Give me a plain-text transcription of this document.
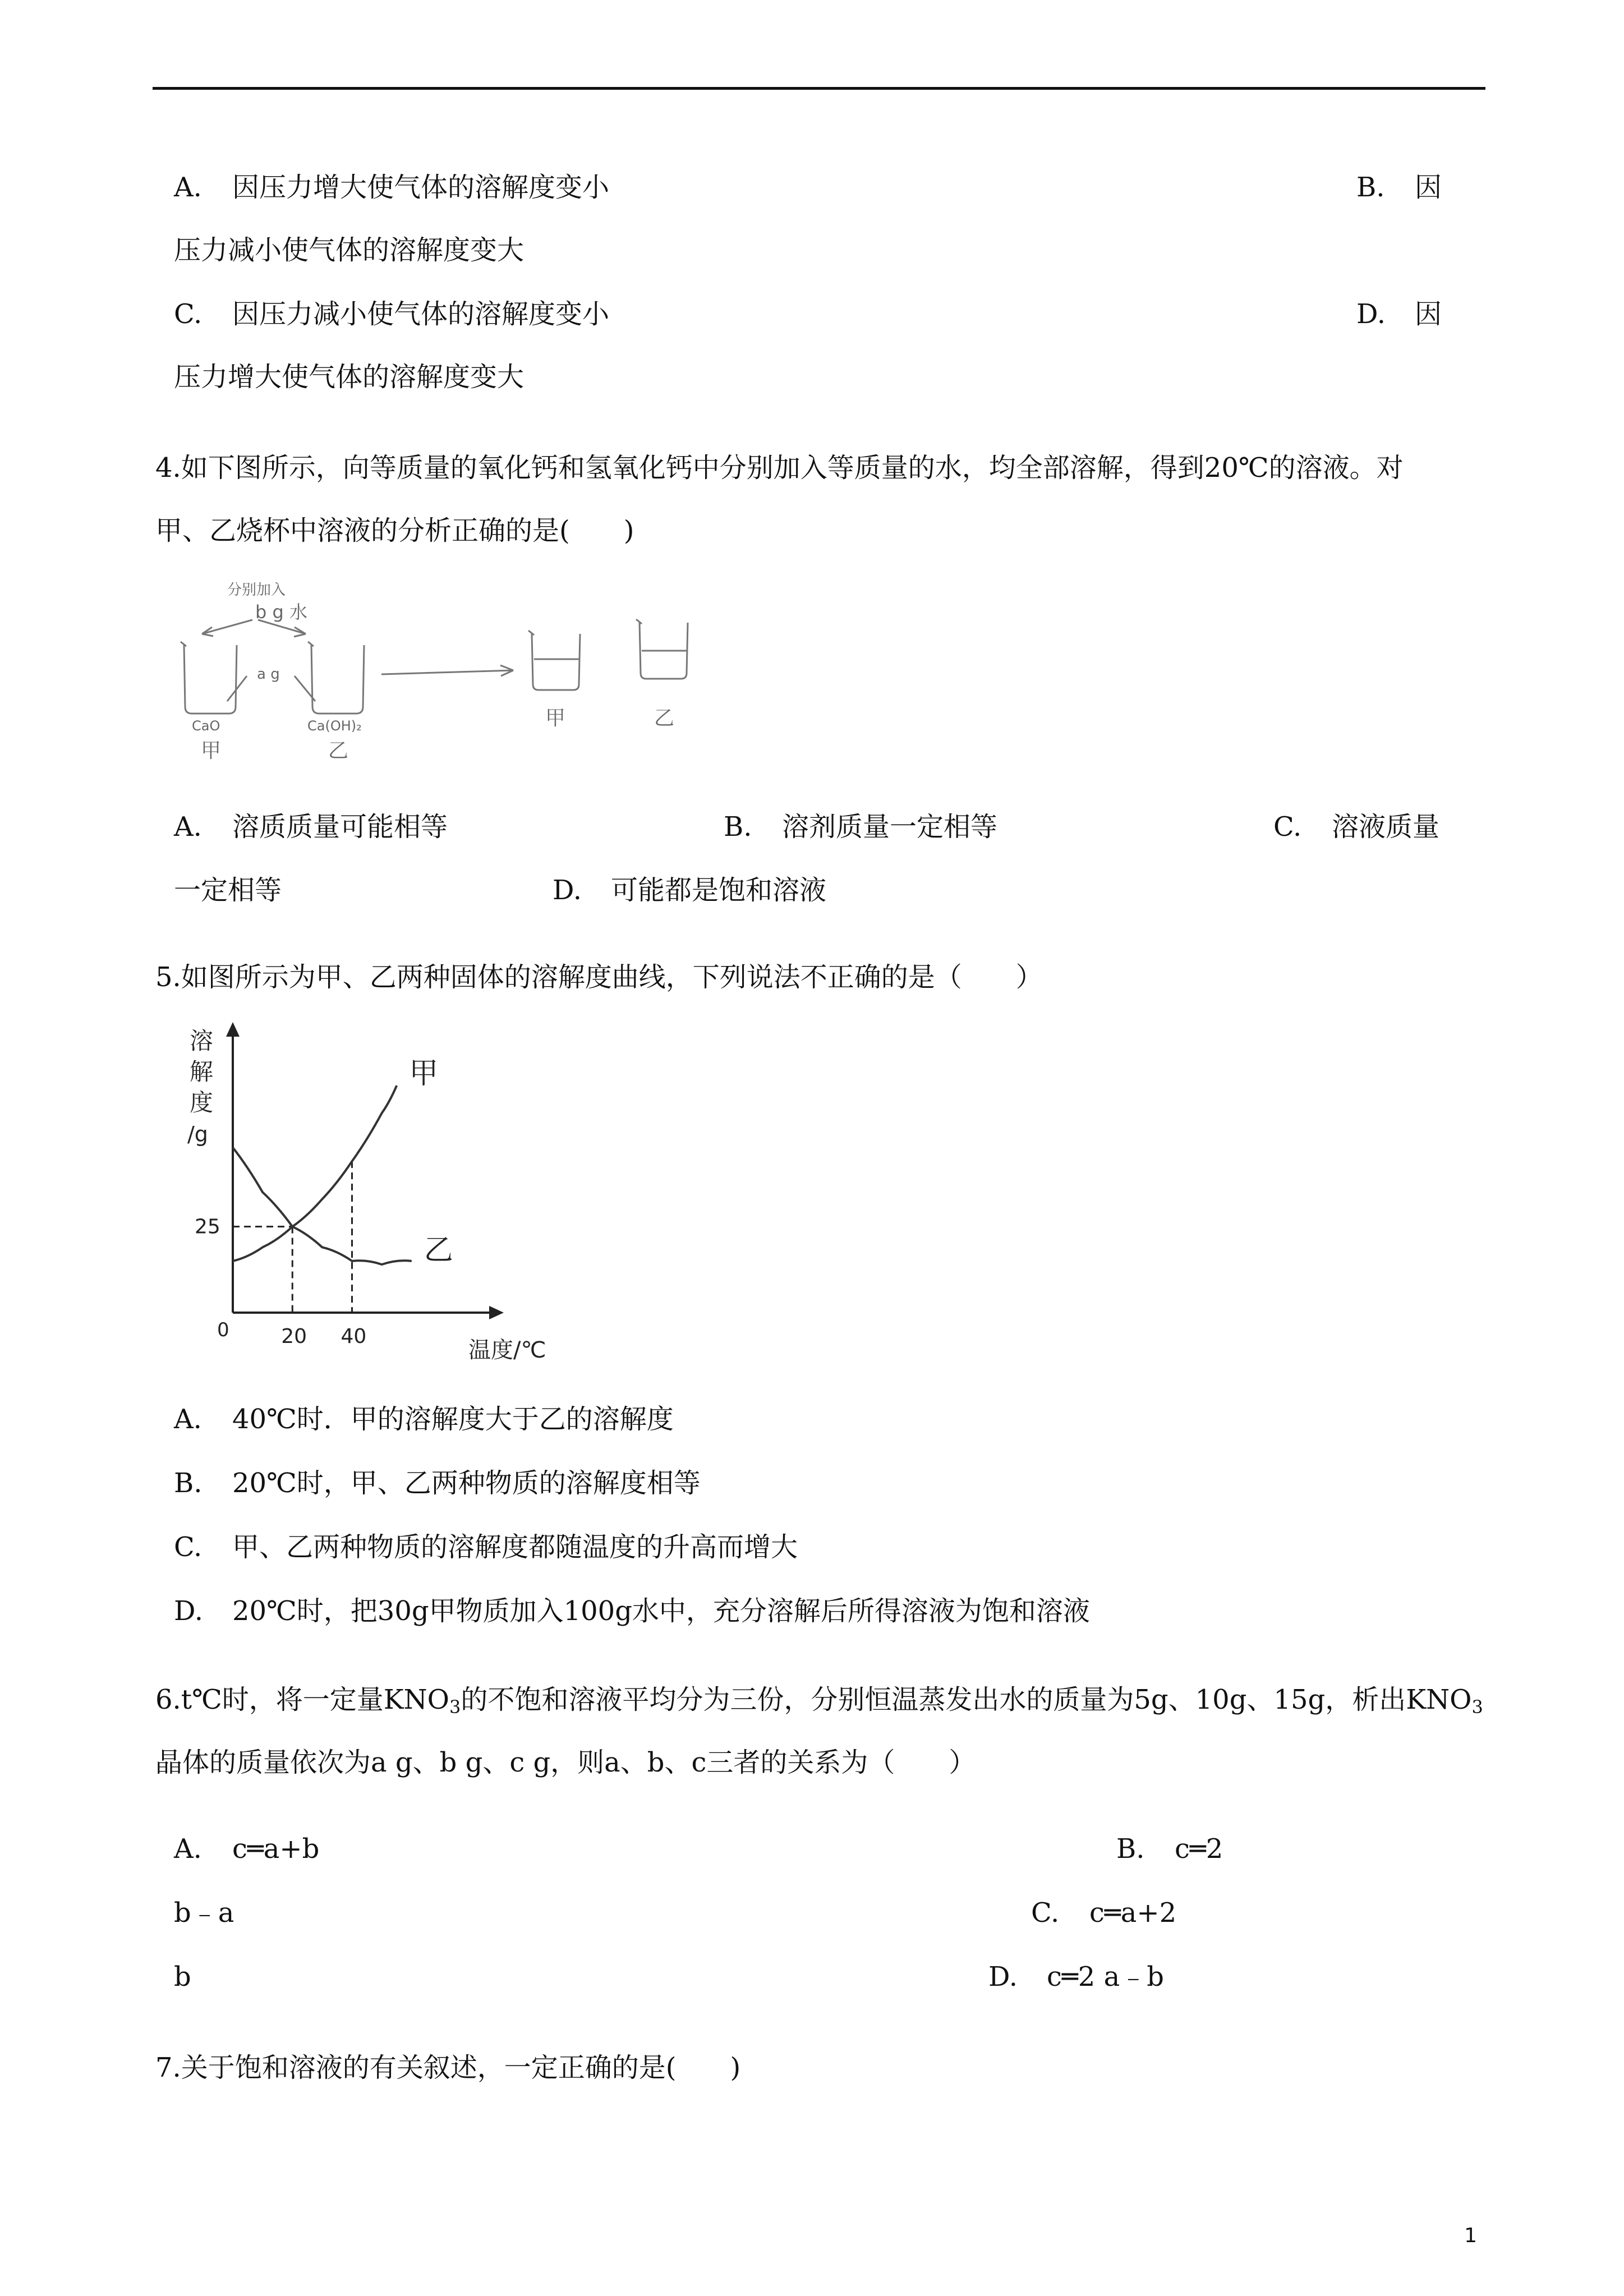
A. 因压力增大使气体的溶解度变小	B. 因
压力减小使气体的溶解度变大
C. 因压力减小使气体的溶解度变小	D. 因
压力增大使气体的溶解度变大
4.如下图所示，向等质量的氧化钙和氢氧化钙中分别加入等质量的水，均全部溶解，得到20℃的溶液。对
甲、乙烧杯中溶液的分析正确的是(　　)
分别加入
b g 水
a g
CaO	Ca(OH)₂
甲	乙
甲	乙
A. 溶质质量可能相等	B. 溶剂质量一定相等	C. 溶液质量
一定相等	D. 可能都是饱和溶液
5.如图所示为甲、乙两种固体的溶解度曲线，下列说法不正确的是（　　）
溶
解
度
/g
甲
乙
0	20 40
25
温度/℃
A. 40℃时．甲的溶解度大于乙的溶解度
B. 20℃时，甲、乙两种物质的溶解度相等
C. 甲、乙两种物质的溶解度都随温度的升高而增大
D. 20℃时，把30g甲物质加入100g水中，充分溶解后所得溶液为饱和溶液
6.t℃时，将一定量$KNO_3$的不饱和溶液平均分为三份，分别恒温蒸发出水的质量为5g、10g、15g，析出$KNO_3$
晶体的质量依次为a g、b g、c g，则a、b、c三者的关系为（　　）
A. c═a+b	B. c═2
b﹣a	C. c═a+2
b	D. c═2 a﹣b
7.关于饱和溶液的有关叙述，一定正确的是(　　)
1
